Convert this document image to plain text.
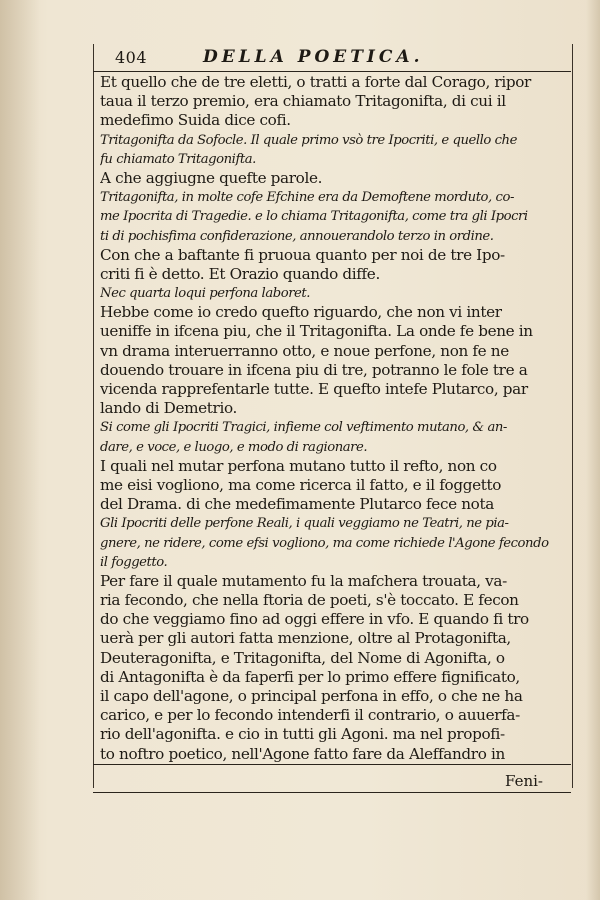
404	DELLA POETICA.
Et quello che de tre eletti, o tratti a forte dal Corago, ripor
taua il terzo premio, era chiamato Tritagonifta, di cui il
medefimo Suida dice cofi.
Tritagonifta da Sofocle. Il quale primo vsò tre Ipocriti, e quello che
fu chiamato Tritagonifta.
A che aggiugne quefte parole.
Tritagonifta, in molte cofe Efchine era da Demoftene morduto, co-
me Ipocrita di Tragedie. e lo chiama Tritagonifta, come tra gli Ipocri
ti di pochisfima confiderazione, annouerandolo terzo in ordine.
Con che a baftante fi pruoua quanto per noi de tre Ipo-
criti fi è detto. Et Orazio quando diffe.
Nec quarta loqui perfona laboret.
Hebbe come io credo quefto riguardo, che non vi inter
ueniffe in ifcena piu, che il Tritagonifta. La onde fe bene in
vn drama interuerranno otto, e noue perfone, non fe ne
douendo trouare in ifcena piu di tre, potranno le fole tre a
vicenda rapprefentarle tutte. E quefto intefe Plutarco, par
lando di Demetrio.
Si come gli Ipocriti Tragici, infieme col veftimento mutano, & an-
dare, e voce, e luogo, e modo di ragionare.
I quali nel mutar perfona mutano tutto il refto, non co
me eisi vogliono, ma come ricerca il fatto, e il foggetto
del Drama. di che medefimamente Plutarco fece nota
Gli Ipocriti delle perfone Reali, i quali veggiamo ne Teatri, ne pia-
gnere, ne ridere, come efsi vogliono, ma come richiede l'Agone fecondo
il foggetto.
Per fare il quale mutamento fu la mafchera trouata, va-
ria fecondo, che nella ftoria de poeti, s'è toccato. E fecon
do che veggiamo fino ad oggi effere in vfo. E quando fi tro
uerà per gli autori fatta menzione, oltre al Protagonifta,
Deuteragonifta, e Tritagonifta, del Nome di Agonifta, o
di Antagonifta è da faperfi per lo primo effere fignificato,
il capo dell'agone, o principal perfona in effo, o che ne ha
carico, e per lo fecondo intenderfi il contrario, o auuerfa-
rio dell'agonifta. e cio in tutti gli Agoni. ma nel propofi-
to noftro poetico, nell'Agone fatto fare da Aleffandro in
Feni-
